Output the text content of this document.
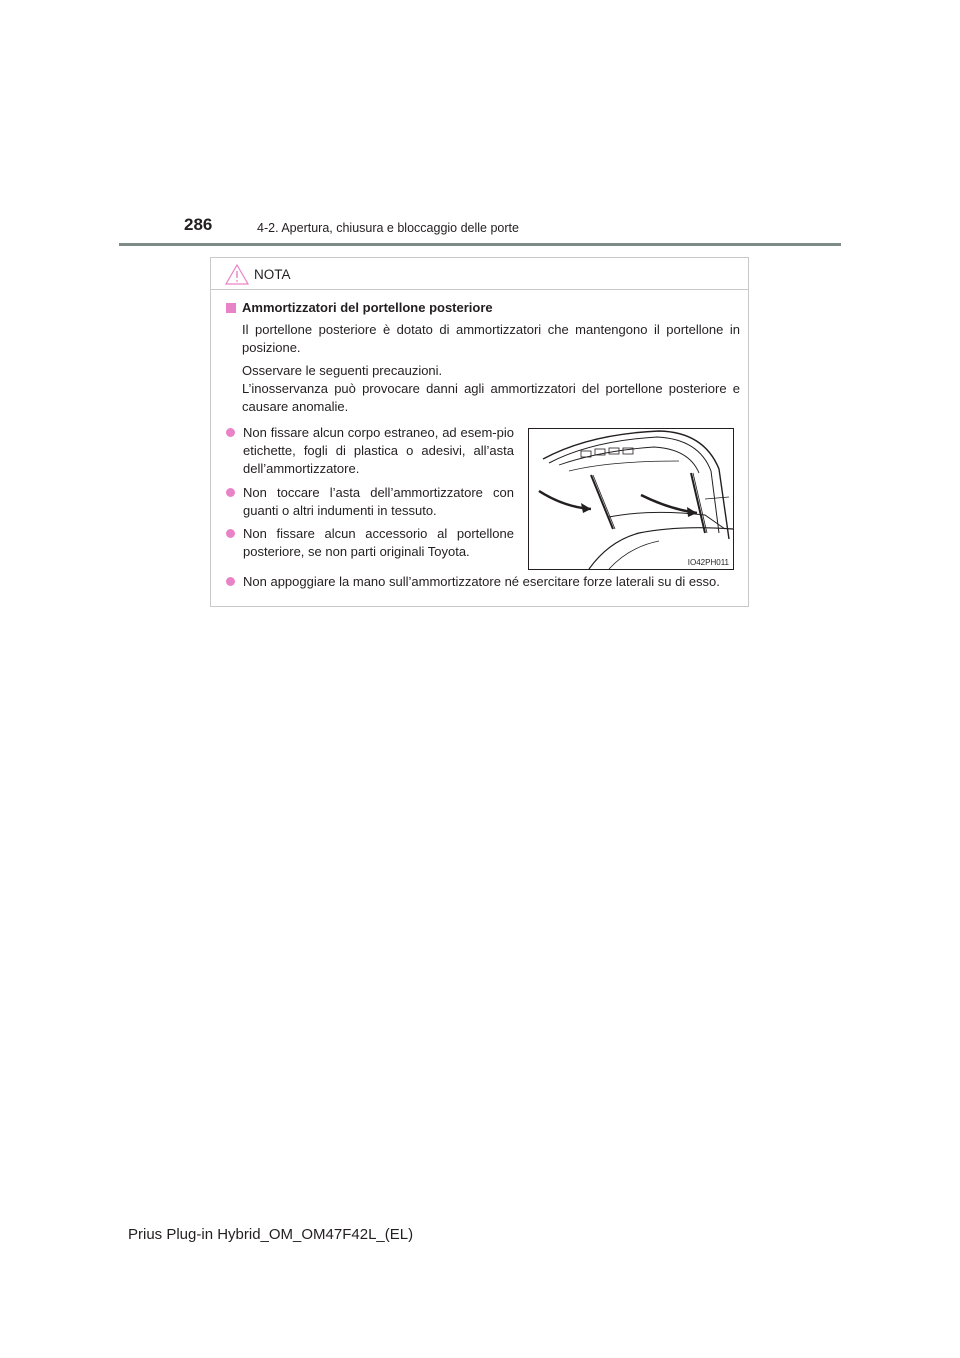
286	4-2. Apertura, chiusura e bloccaggio delle porte
NOTA
Ammortizzatori del portellone posteriore
Il portellone posteriore è dotato di ammortizzatori che mantengono il portellone in posizione.
Osservare le seguenti precauzioni.
L’inosservanza può provocare danni agli ammortizzatori del portellone posteriore e causare anomalie.
Non fissare alcun corpo estraneo, ad esem-pio etichette, fogli di plastica o adesivi, all’asta dell’ammortizzatore.
Non toccare l’asta dell’ammortizzatore con guanti o altri indumenti in tessuto.
Non fissare alcun accessorio al portellone posteriore, se non parti originali Toyota.
IO42PH011
Non appoggiare la mano sull’ammortizzatore né esercitare forze laterali su di esso.
Prius Plug-in Hybrid_OM_OM47F42L_(EL)
